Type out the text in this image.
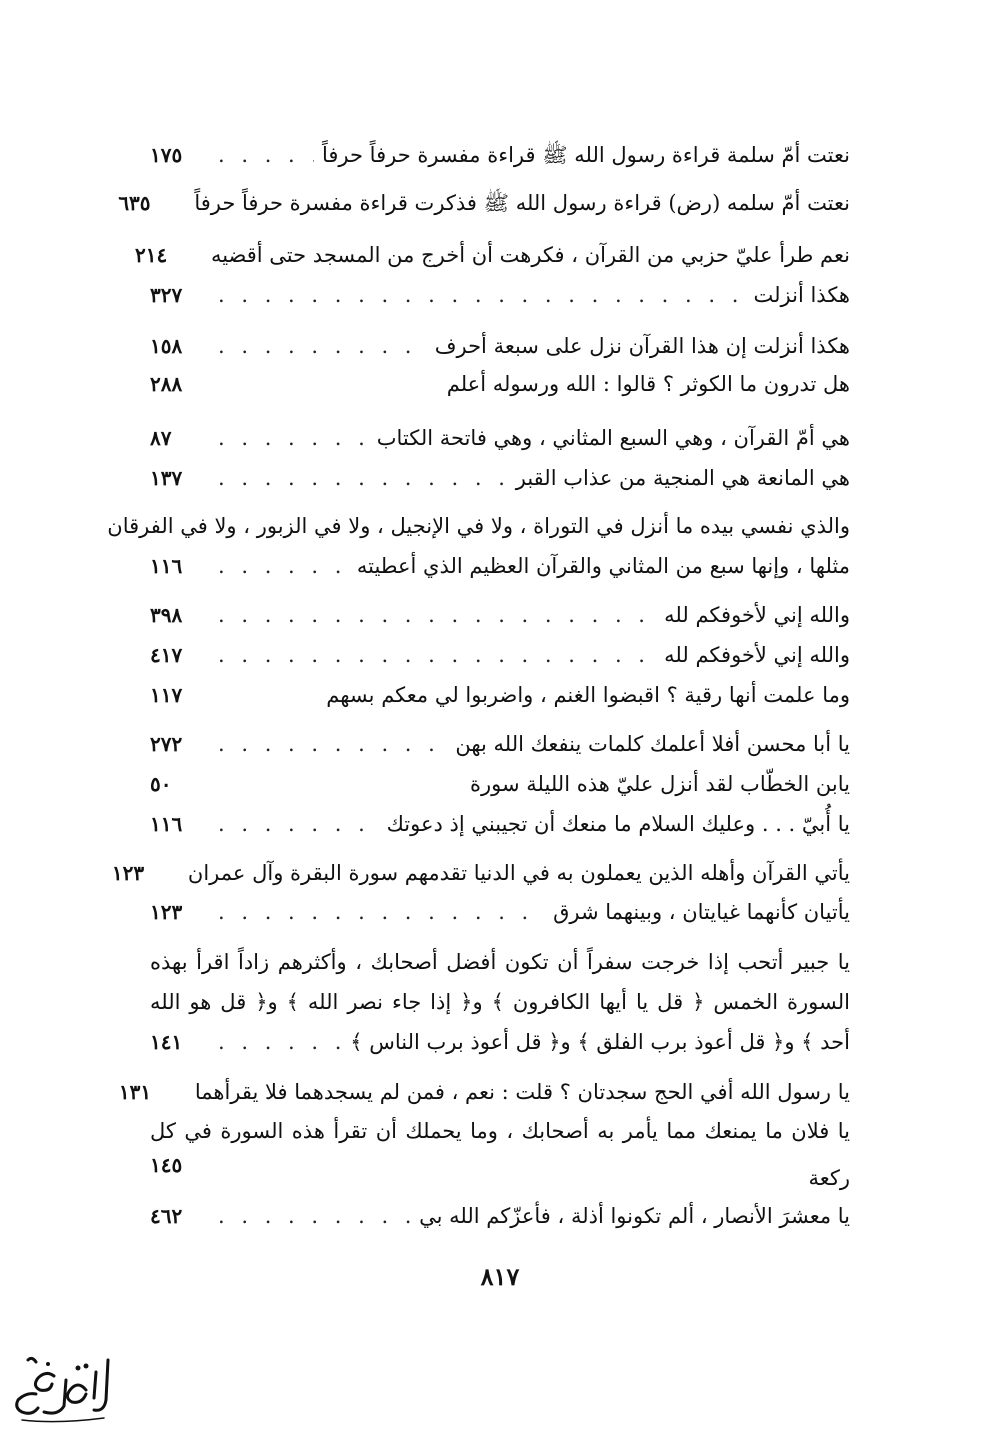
نعتت أمّ سلمة قراءة رسول الله ﷺ قراءة مفسرة حرفاً حرفاً
. . .
١٧٥
نعتت أمّ سلمه (رض) قراءة رسول الله ﷺ فذكرت قراءة مفسرة حرفاً حرفاً
٦٣٥
نعم طرأ عليّ حزبي من القرآن ، فكرهت أن أخرج من المسجد حتى أقضيه
٢١٤
هكذا أنزلت
. . .
٣٢٧
هكذا أنزلت إن هذا القرآن نزل على سبعة أحرف
. . .
١٥٨
هل تدرون ما الكوثر ؟ قالوا : الله ورسوله أعلم
٢٨٨
هي أمّ القرآن ، وهي السبع المثاني ، وهي فاتحة الكتاب
. . .
٨٧
هي المانعة هي المنجية من عذاب القبر
. . .
١٣٧
والذي نفسي بيده ما أنزل في التوراة ، ولا في الإنجيل ، ولا في الزبور ، ولا في الفرقان
مثلها ، وإنها سبع من المثاني والقرآن العظيم الذي أعطيته
. . .
١١٦
والله إني لأخوفكم لله
. . .
٣٩٨
والله إني لأخوفكم لله
. . .
٤١٧
وما علمت أنها رقية ؟ اقبضوا الغنم ، واضربوا لي معكم بسهم
١١٧
يا أبا محسن أفلا أعلمك كلمات ينفعك الله بهن
. . .
٢٧٢
يابن الخطّاب لقد أنزل عليّ هذه الليلة سورة
٥٠
يا أُبيّ . . . وعليك السلام ما منعك أن تجيبني إذ دعوتك
. . .
١١٦
يأتي القرآن وأهله الذين يعملون به في الدنيا تقدمهم سورة البقرة وآل عمران
١٢٣
يأتيان كأنهما غيايتان ، وبينهما شرق
. . .
١٢٣
يا جبير أتحب إذا خرجت سفراً أن تكون أفضل أصحابك ، وأكثرهم زاداً اقرأ بهذه
السورة الخمس ﴿ قل يا أيها الكافرون ﴾ و﴿ إذا جاء نصر الله ﴾ و﴿ قل هو الله
أحد ﴾ و﴿ قل أعوذ برب الفلق ﴾ و﴿ قل أعوذ برب الناس ﴾
. . .
١٤١
يا رسول الله أفي الحج سجدتان ؟ قلت : نعم ، فمن لم يسجدهما فلا يقرأهما
١٣١
يا فلان ما يمنعك مما يأمر به أصحابك ، وما يحملك أن تقرأ هذه السورة في كل
١٤٥
ركعة
يا معشرَ الأنصار ، ألم تكونوا أذلة ، فأعزّكم الله بي
. . .
٤٦٢
٨١٧
